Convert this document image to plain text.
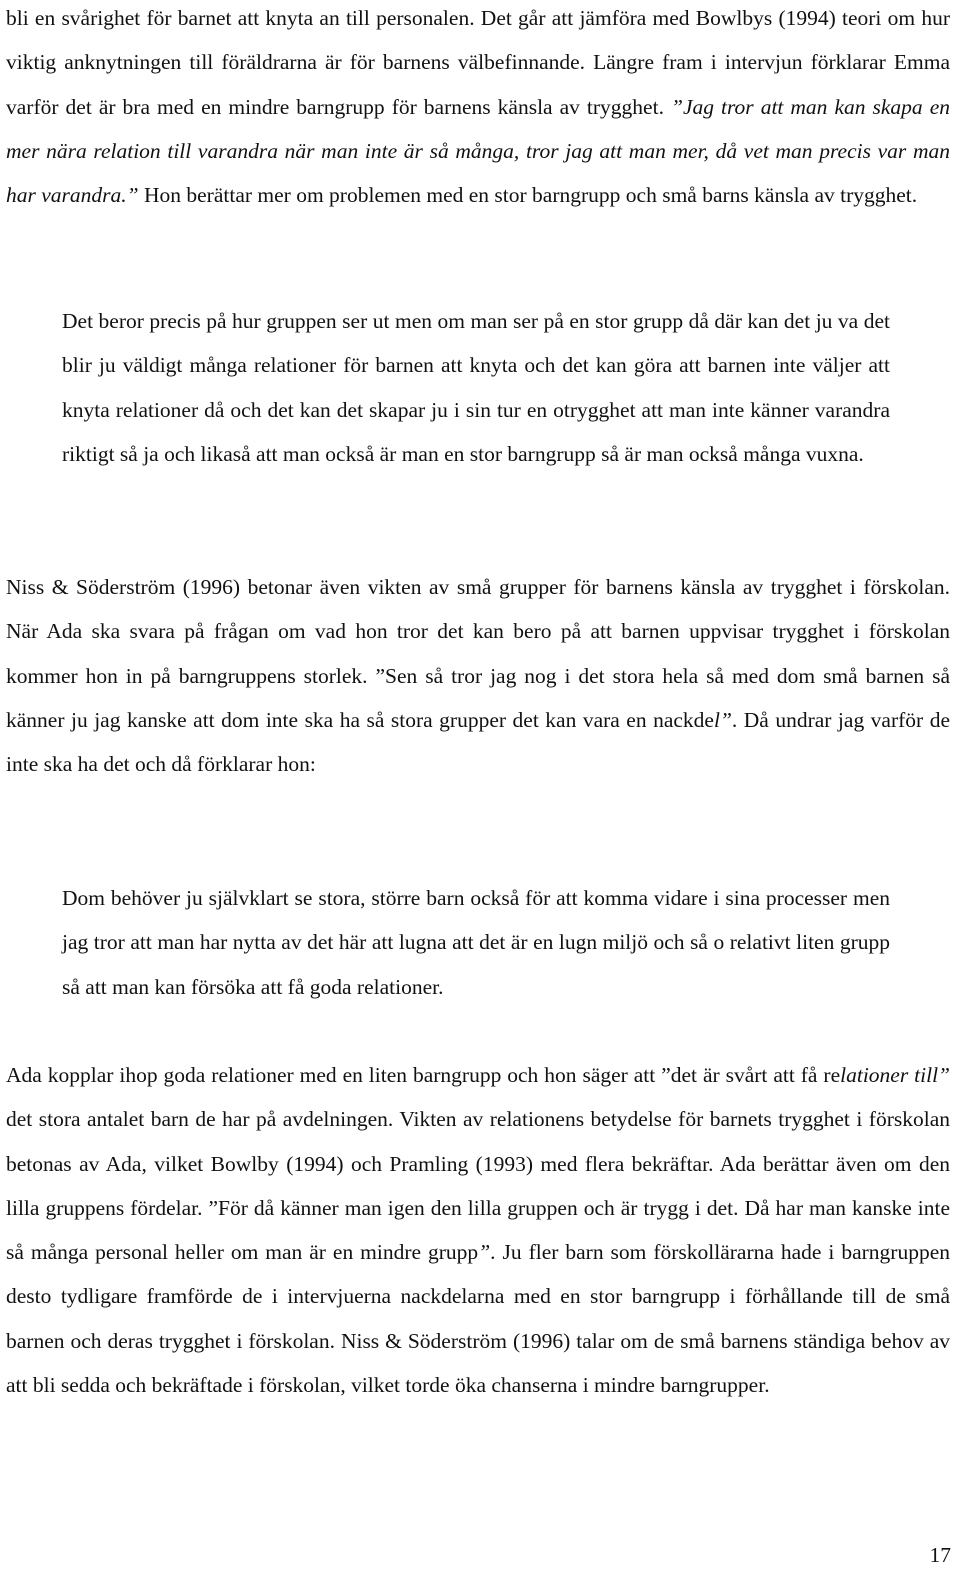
bli en svårighet för barnet att knyta an till personalen. Det går att jämföra med Bowlbys (1994) teori om hur viktig anknytningen till föräldrarna är för barnens välbefinnande. Längre fram i intervjun förklarar Emma varför det är bra med en mindre barngrupp för barnens känsla av trygghet. ”Jag tror att man kan skapa en mer nära relation till varandra när man inte är så många, tror jag att man mer, då vet man precis var man har varandra.” Hon berättar mer om problemen med en stor barngrupp och små barns känsla av trygghet.

Det beror precis på hur gruppen ser ut men om man ser på en stor grupp då där kan det ju va det blir ju väldigt många relationer för barnen att knyta och det kan göra att barnen inte väljer att knyta relationer då och det kan det skapar ju i sin tur en otrygghet att man inte känner varandra riktigt så ja och likaså att man också är man en stor barngrupp så är man också många vuxna.

Niss & Söderström (1996) betonar även vikten av små grupper för barnens känsla av trygghet i förskolan. När Ada ska svara på frågan om vad hon tror det kan bero på att barnen uppvisar trygghet i förskolan kommer hon in på barngruppens storlek. ”Sen så tror jag nog i det stora hela så med dom små barnen så känner ju jag kanske att dom inte ska ha så stora grupper det kan vara en nackdel”. Då undrar jag varför de inte ska ha det och då förklarar hon:

Dom behöver ju självklart se stora, större barn också för att komma vidare i sina processer men jag tror att man har nytta av det här att lugna att det är en lugn miljö och så o relativt liten grupp så att man kan försöka att få goda relationer.

Ada kopplar ihop goda relationer med en liten barngrupp och hon säger att ”det är svårt att få relationer till” det stora antalet barn de har på avdelningen. Vikten av relationens betydelse för barnets trygghet i förskolan betonas av Ada, vilket Bowlby (1994) och Pramling (1993) med flera bekräftar. Ada berättar även om den lilla gruppens fördelar. ”För då känner man igen den lilla gruppen och är trygg i det. Då har man kanske inte så många personal heller om man är en mindre grupp”. Ju fler barn som förskollärarna hade i barngruppen desto tydligare framförde de i intervjuerna nackdelarna med en stor barngrupp i förhållande till de små barnen och deras trygghet i förskolan. Niss & Söderström (1996) talar om de små barnens ständiga behov av att bli sedda och bekräftade i förskolan, vilket torde öka chanserna i mindre barngrupper.

17
